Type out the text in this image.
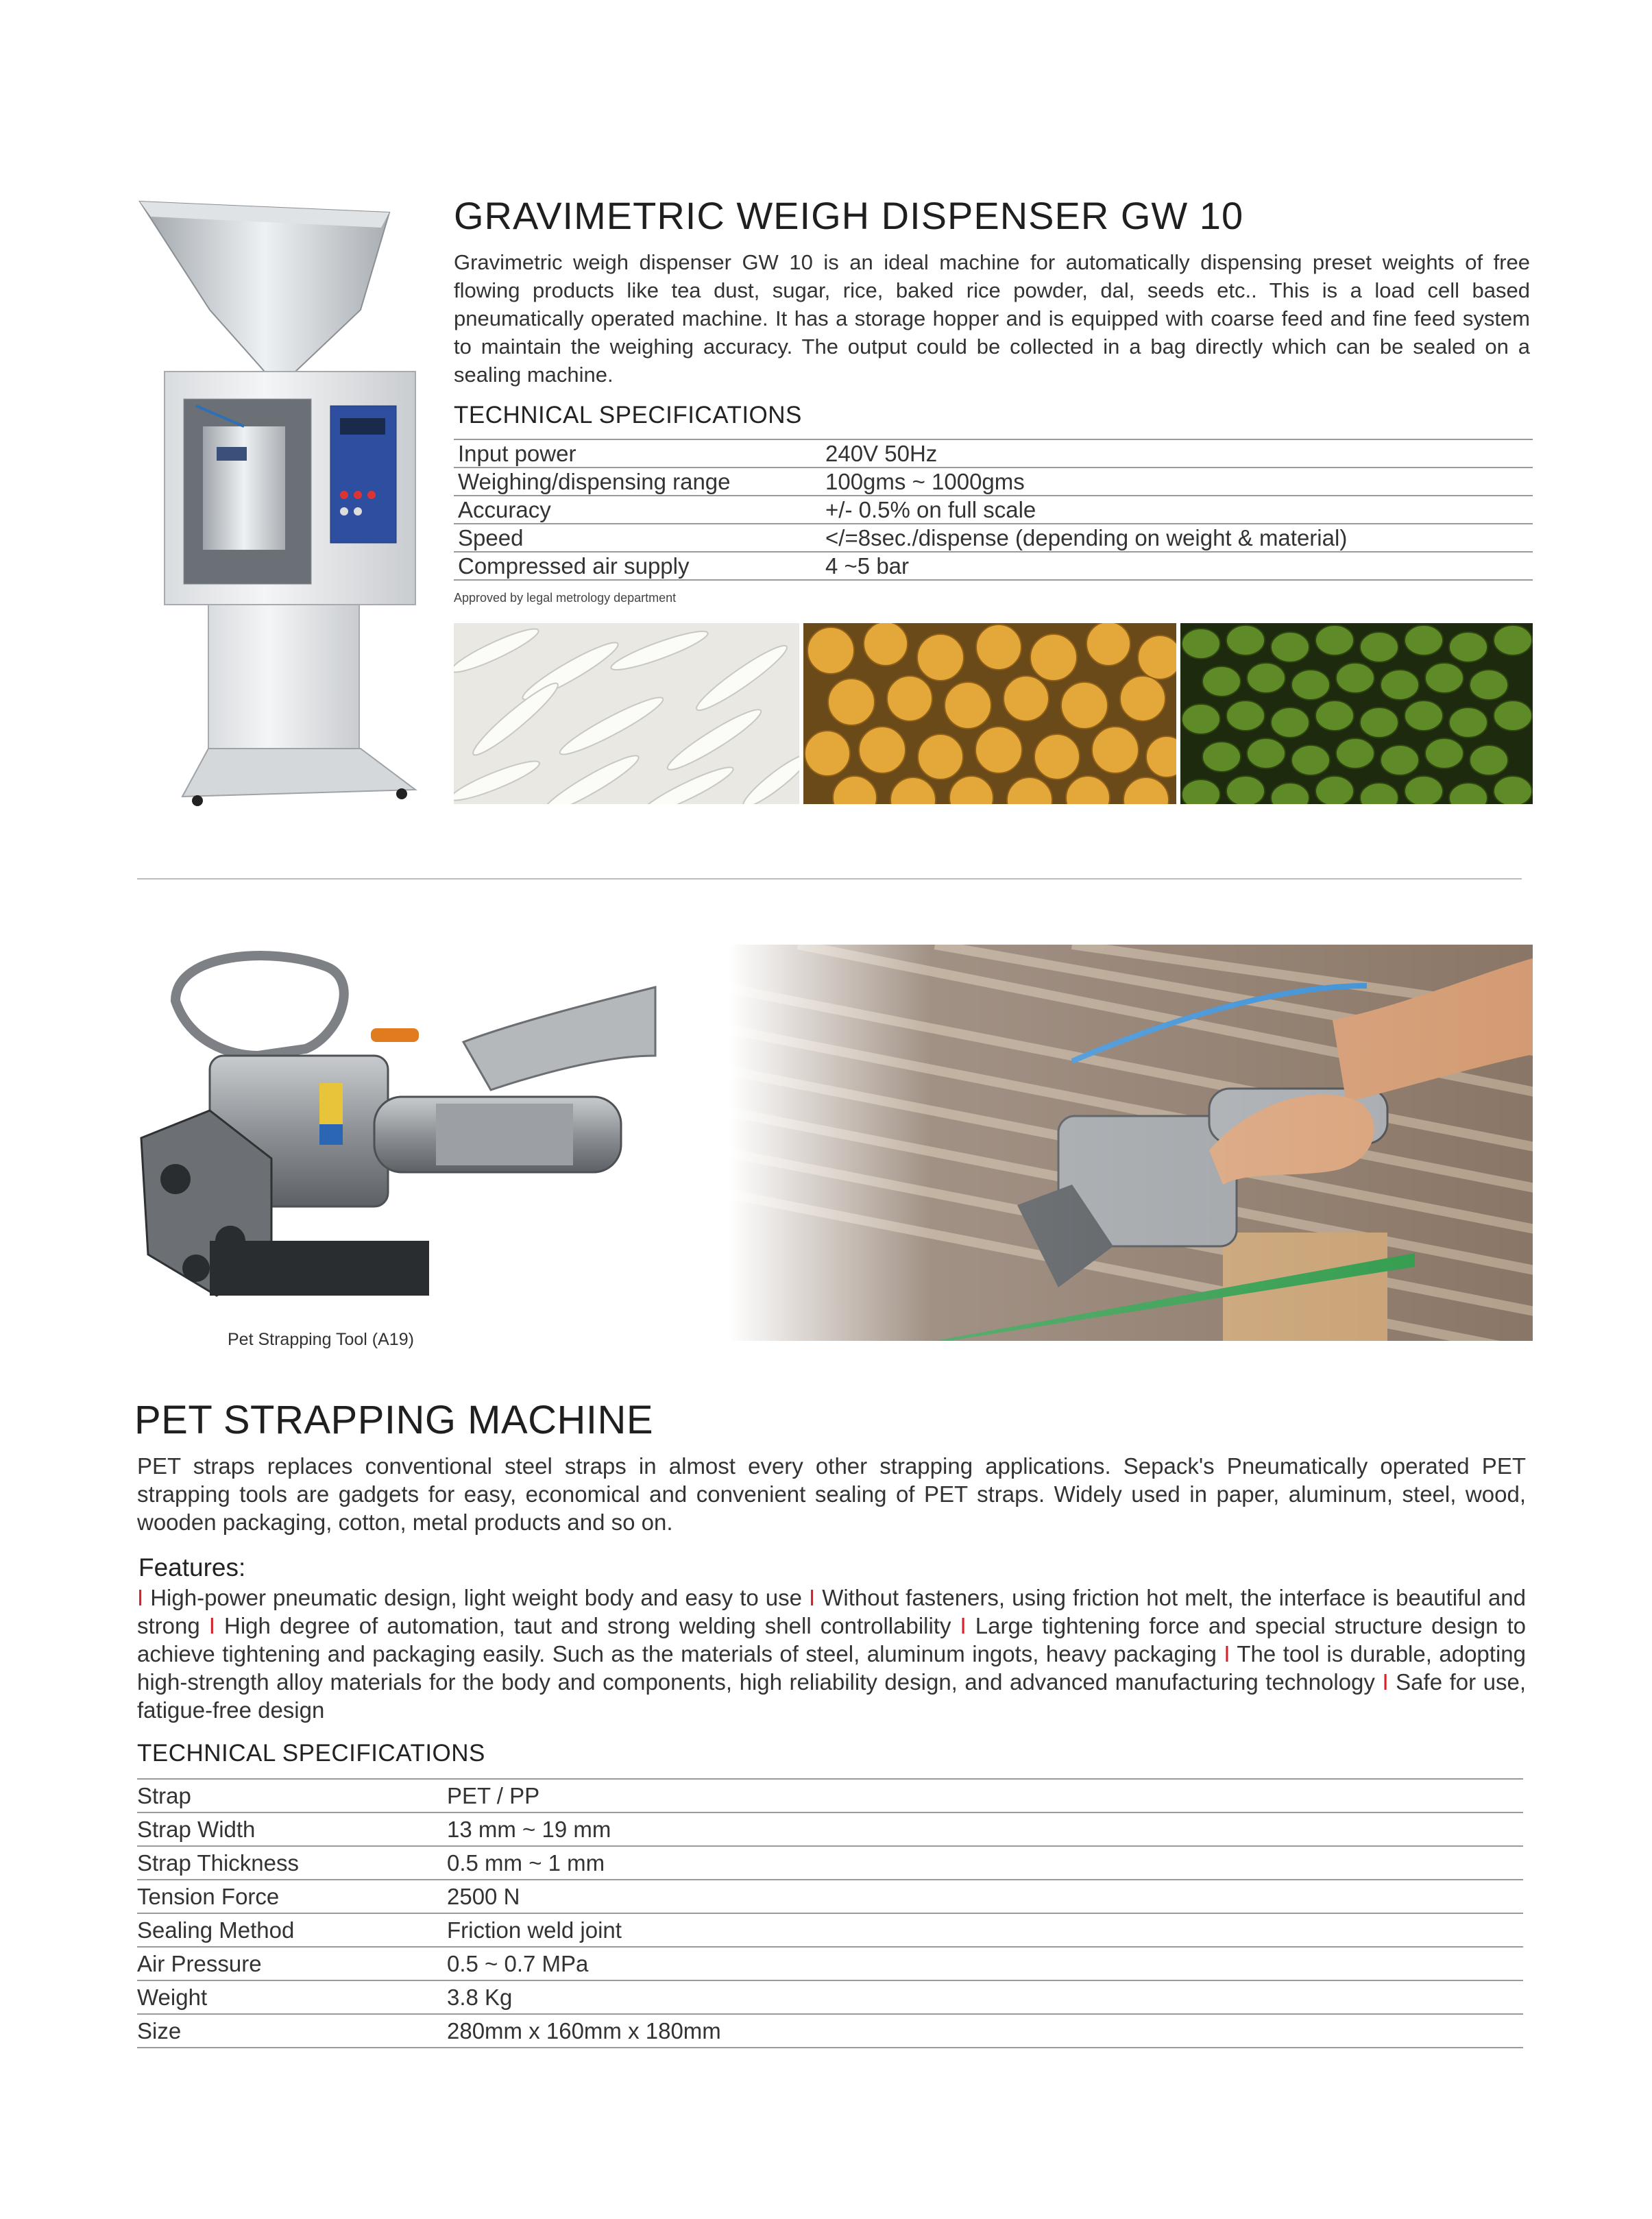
GRAVIMETRIC WEIGH DISPENSER GW 10
Gravimetric weigh dispenser GW 10 is an ideal machine for automatically dispensing preset weights of free flowing products like tea dust, sugar, rice, baked rice powder, dal, seeds etc.. This is a load cell based pneumatically operated machine. It has a storage hopper and is equipped with coarse feed and fine feed system to maintain the weighing accuracy. The output could be collected in a bag directly which can be sealed on a sealing machine.
TECHNICAL SPECIFICATIONS
Input power	240V 50Hz
Weighing/dispensing range	100gms ~ 1000gms
Accuracy	+/- 0.5% on full scale
Speed	</=8sec./dispense (depending on weight & material)
Compressed air supply	4 ~5 bar
Approved by legal metrology department
Pet Strapping Tool (A19)
PET STRAPPING MACHINE
PET straps replaces conventional steel straps in almost every other strapping applications. Sepack's Pneumatically operated PET strapping tools are gadgets for easy, economical and convenient sealing of PET straps. Widely used in paper, aluminum, steel, wood, wooden packaging, cotton, metal products and so on.
Features:
I High-power pneumatic design, light weight body and easy to use I Without fasteners, using friction hot melt, the interface is beautiful and strong I High degree of automation, taut and strong welding shell controllability I Large tightening force and special structure design to achieve tightening and packaging easily. Such as the materials of steel, aluminum ingots, heavy packaging I The tool is durable, adopting high-strength alloy materials for the body and components, high reliability design, and advanced manufacturing technology I Safe for use, fatigue-free design
TECHNICAL SPECIFICATIONS
Strap	PET / PP
Strap Width	13 mm ~ 19 mm
Strap Thickness	0.5 mm ~ 1 mm
Tension Force	2500 N
Sealing Method	Friction weld joint
Air Pressure	0.5 ~ 0.7 MPa
Weight	3.8 Kg
Size	280mm x 160mm x 180mm
